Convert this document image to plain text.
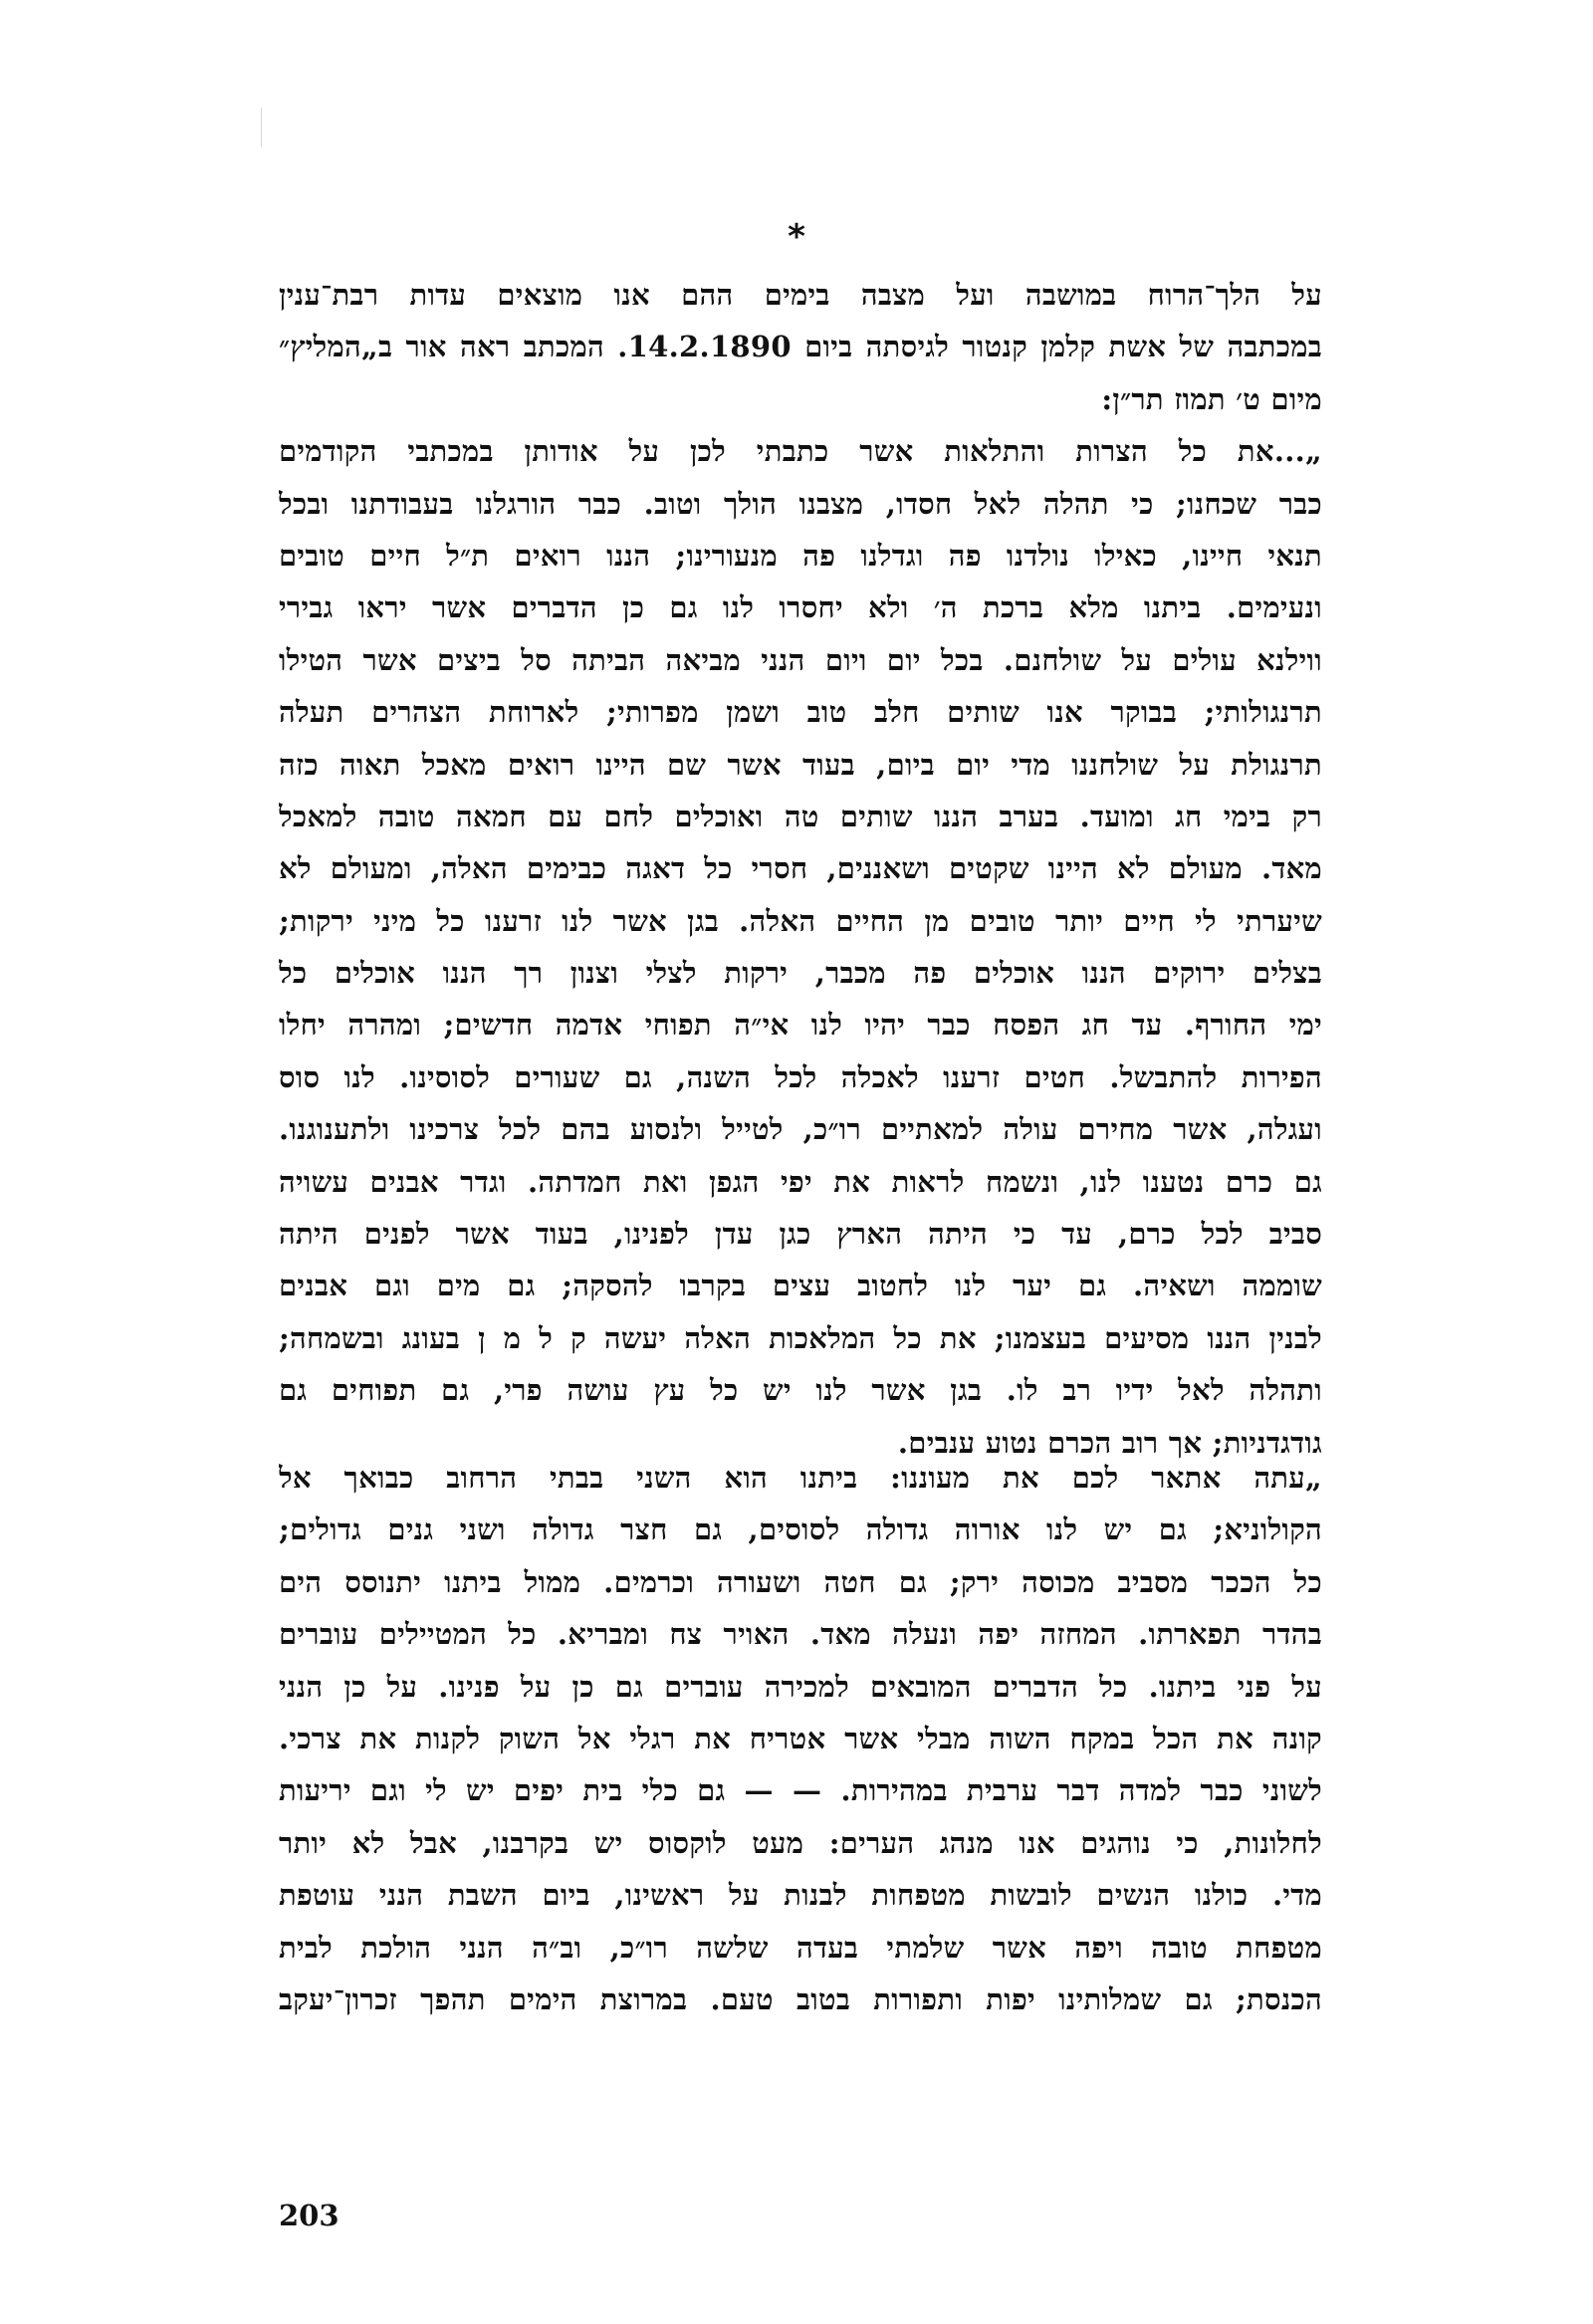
*
על הלך־הרוח במושבה ועל מצבה בימים ההם אנו מוצאים עדות רבת־ענין
במכתבה של אשת קלמן קנטור לגיסתה ביום 14.2.1890. המכתב ראה אור ב„המליץ״
מיום ט׳ תמוז תר״ן:
„...את כל הצרות והתלאות אשר כתבתי לכן על אודותן במכתבי הקודמים
כבר שכחנו; כי תהלה לאל חסדו, מצבנו הולך וטוב. כבר הורגלנו בעבודתנו ובכל
תנאי חיינו, כאילו נולדנו פה וגדלנו פה מנעורינו; הננו רואים ת״ל חיים טובים
ונעימים. ביתנו מלא ברכת ה׳ ולא יחסרו לנו גם כן הדברים אשר יראו גבירי
ווילנא עולים על שולחנם. בכל יום ויום הנני מביאה הביתה סל ביצים אשר הטילו
תרנגולותי; בבוקר אנו שותים חלב טוב ושמן מפרותי; לארוחת הצהרים תעלה
תרנגולת על שולחננו מדי יום ביום, בעוד אשר שם היינו רואים מאכל תאוה כזה
רק בימי חג ומועד. בערב הננו שותים טה ואוכלים לחם עם חמאה טובה למאכל
מאד. מעולם לא היינו שקטים ושאננים, חסרי כל דאגה כבימים האלה, ומעולם לא
שיערתי לי חיים יותר טובים מן החיים האלה. בגן אשר לנו זרענו כל מיני ירקות;
בצלים ירוקים הננו אוכלים פה מכבר, ירקות לצלי וצנון רך הננו אוכלים כל
ימי החורף. עד חג הפסח כבר יהיו לנו אי״ה תפוחי אדמה חדשים; ומהרה יחלו
הפירות להתבשל. חטים זרענו לאכלה לכל השנה, גם שעורים לסוסינו. לנו סוס
ועגלה, אשר מחירם עולה למאתיים רו״כ, לטייל ולנסוע בהם לכל צרכינו ולתענוגנו.
גם כרם נטענו לנו, ונשמח לראות את יפי הגפן ואת חמדתה. וגדר אבנים עשויה
סביב לכל כרם, עד כי היתה הארץ כגן עדן לפנינו, בעוד אשר לפנים היתה
שוממה ושאיה. גם יער לנו לחטוב עצים בקרבו להסקה; גם מים וגם אבנים
לבנין הננו מסיעים בעצמנו; את כל המלאכות האלה יעשה ק ל מ ן בעונג ובשמחה;
ותהלה לאל ידיו רב לו. בגן אשר לנו יש כל עץ עושה פרי, גם תפוחים גם
גודגדניות; אך רוב הכרם נטוע ענבים.
„עתה אתאר לכם את מעוננו: ביתנו הוא השני בבתי הרחוב כבואך אל
הקולוניא; גם יש לנו אורוה גדולה לסוסים, גם חצר גדולה ושני גנים גדולים;
כל הככר מסביב מכוסה ירק; גם חטה ושעורה וכרמים. ממול ביתנו יתנוסס הים
בהדר תפארתו. המחזה יפה ונעלה מאד. האויר צח ומבריא. כל המטיילים עוברים
על פני ביתנו. כל הדברים המובאים למכירה עוברים גם כן על פנינו. על כן הנני
קונה את הכל במקח השוה מבלי אשר אטריח את רגלי אל השוק לקנות את צרכי.
לשוני כבר למדה דבר ערבית במהירות. — — גם כלי בית יפים יש לי וגם יריעות
לחלונות, כי נוהגים אנו מנהג הערים: מעט לוקסוס יש בקרבנו, אבל לא יותר
מדי. כולנו הנשים לובשות מטפחות לבנות על ראשינו, ביום השבת הנני עוטפת
מטפחת טובה ויפה אשר שלמתי בעדה שלשה רו״כ, וב״ה הנני הולכת לבית
הכנסת; גם שמלותינו יפות ותפורות בטוב טעם. במרוצת הימים תהפך זכרון־יעקב
203
